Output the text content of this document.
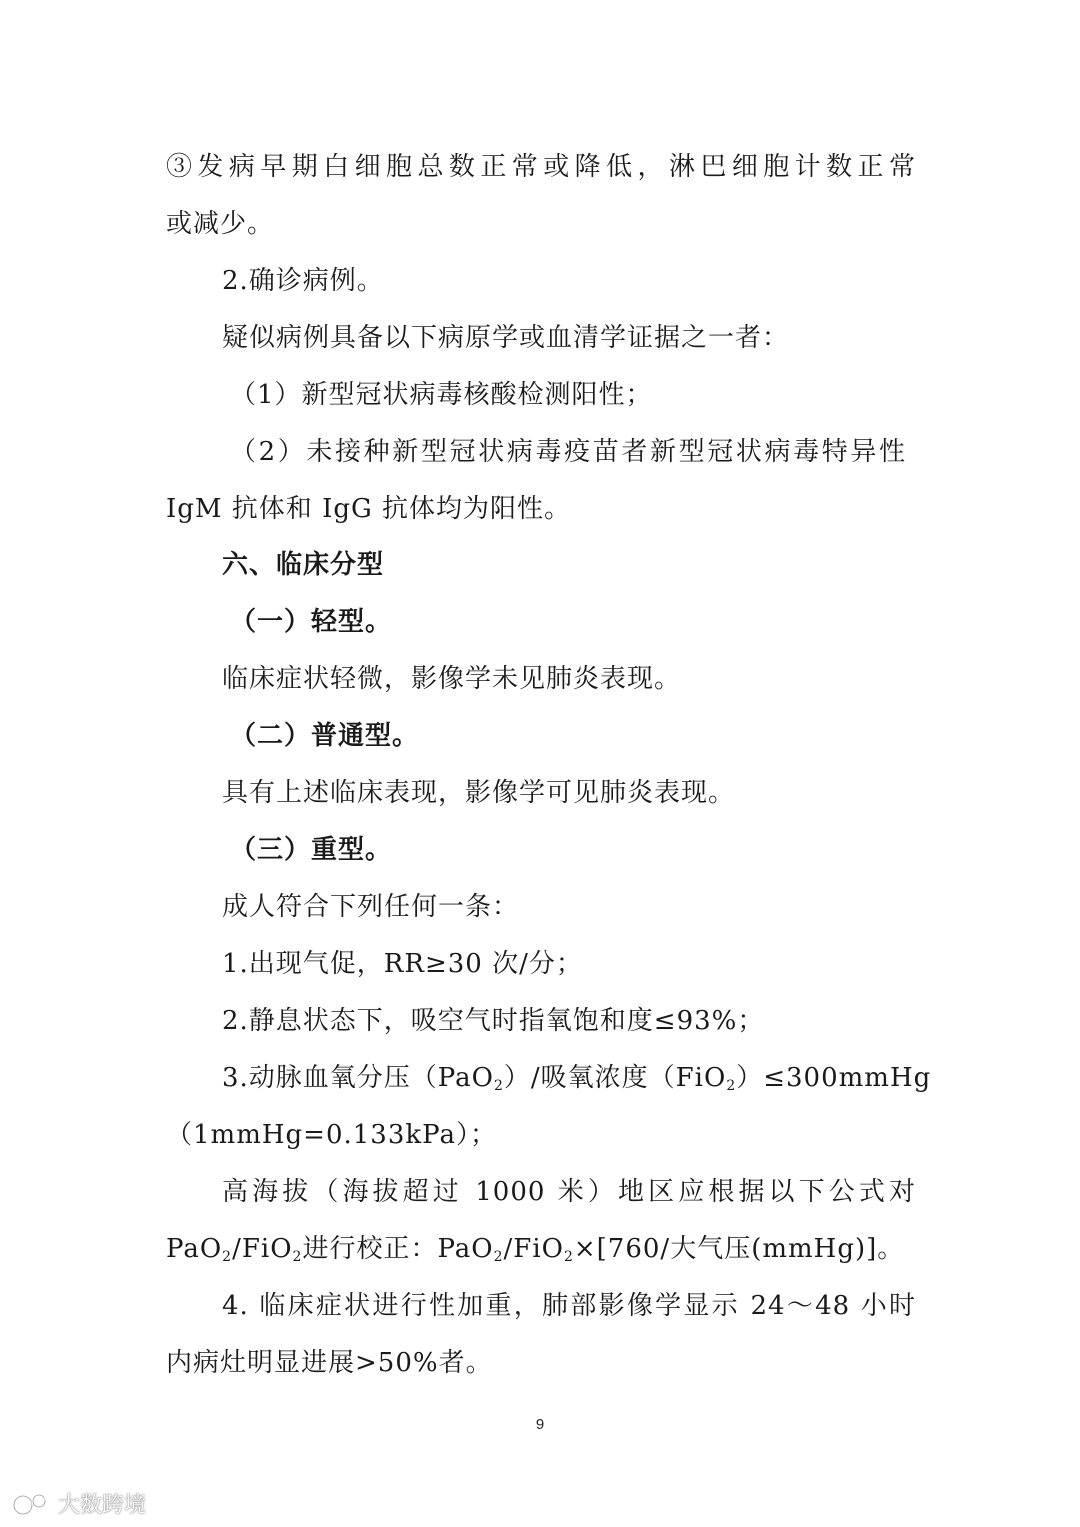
③发病早期白细胞总数正常或降低，淋巴细胞计数正常
或减少。
2.确诊病例。
疑似病例具备以下病原学或血清学证据之一者：
（1）新型冠状病毒核酸检测阳性；
（2）未接种新型冠状病毒疫苗者新型冠状病毒特异性
IgM 抗体和 IgG 抗体均为阳性。
六、临床分型
（一）轻型。
临床症状轻微，影像学未见肺炎表现。
（二）普通型。
具有上述临床表现，影像学可见肺炎表现。
（三）重型。
成人符合下列任何一条：
1.出现气促，RR≥30 次/分；
2.静息状态下，吸空气时指氧饱和度≤93%；
3.动脉血氧分压（PaO$_2$）/吸氧浓度（FiO$_2$）≤300mmHg
（1mmHg=0.133kPa）；
高海拔（海拔超过 1000 米）地区应根据以下公式对
PaO$_2$/FiO$_2$进行校正：PaO$_2$/FiO$_2$×[760/大气压(mmHg)]。
4. 临床症状进行性加重，肺部影像学显示 24～48 小时
内病灶明显进展>50%者。
9
大数跨境
